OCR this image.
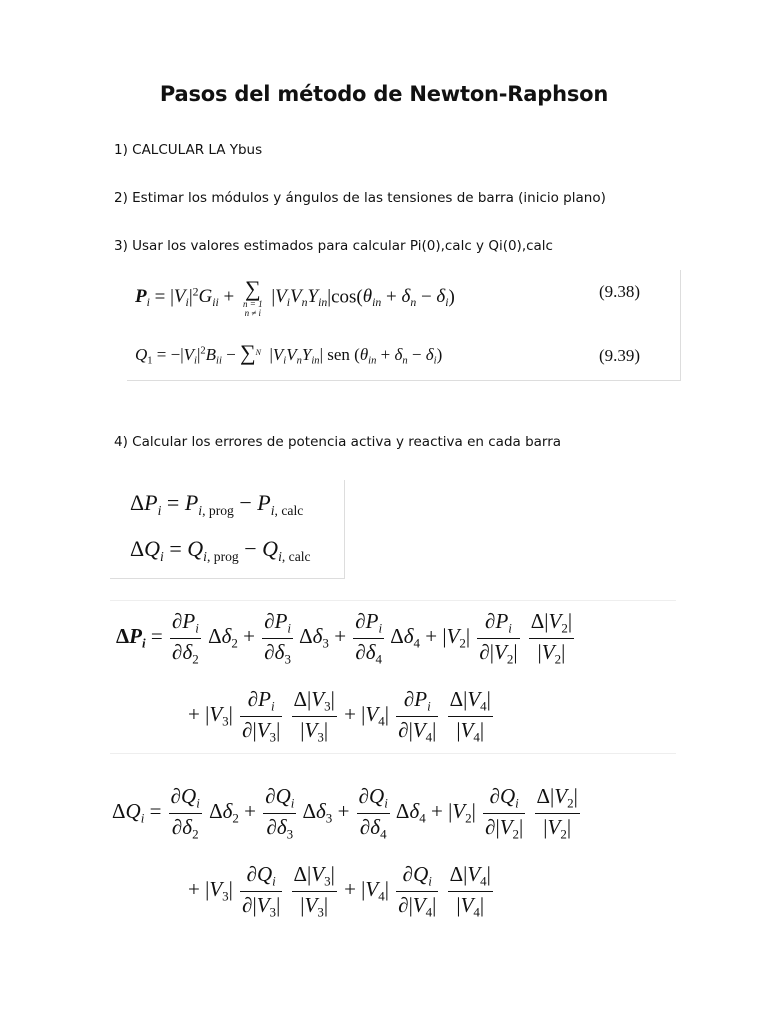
Pasos del método de Newton-Raphson
1) CALCULAR LA Ybus
2) Estimar los módulos y ángulos de las tensiones de barra (inicio plano)
3) Usar los valores estimados para calcular Pi(0),calc y Qi(0),calc
$P_i = |V_i|^2G_{ii}$ + ∑
n = 1
n ≠ i
$|V_iV_nY_{in}|\cos(\theta_{in} + \delta_n - \delta_i)$	(9.38)
$Q_1 = -|V_i|^2B_{ii} - \sum^N$  $|V_iV_nY_{in}|$ sen $(\theta_{in} + \delta_n - \delta_i)$	(9.39)
4) Calcular los errores de potencia activa y reactiva en cada barra
$\Delta P_i = P_{i, prog} - P_{i, calc}$
$\Delta Q_i = Q_{i, prog} - Q_{i, calc}$
$\Delta P_i = \frac{\partial P_i}{\partial\delta_2} \Delta\delta_2 + \frac{\partial P_i}{\partial\delta_3} \Delta\delta_3 + \frac{\partial P_i}{\partial\delta_4} \Delta\delta_4 + |V_2| \frac{\partial P_i}{\partial|V_2|}$
$\frac{\Delta|V_2|}{|V_2|}$
+ $|V_3| \frac{\partial P_i}{\partial|V_3|}$
$\frac{\Delta|V_3|}{|V_3|} + |V_4| \frac{\partial P_i}{\partial|V_4|}$
$\frac{\Delta|V_4|}{|V_4|}$
$\Delta Q_i = \frac{\partial Q_i}{\partial\delta_2} \Delta\delta_2 + \frac{\partial Q_i}{\partial\delta_3} \Delta\delta_3 + \frac{\partial Q_i}{\partial\delta_4} \Delta\delta_4 + |V_2| \frac{\partial Q_i}{\partial|V_2|}$
$\frac{\Delta|V_2|}{|V_2|}$
+ $|V_3| \frac{\partial Q_i}{\partial|V_3|}$
$\frac{\Delta|V_3|}{|V_3|} + |V_4| \frac{\partial Q_i}{\partial|V_4|}$
$\frac{\Delta|V_4|}{|V_4|}$
